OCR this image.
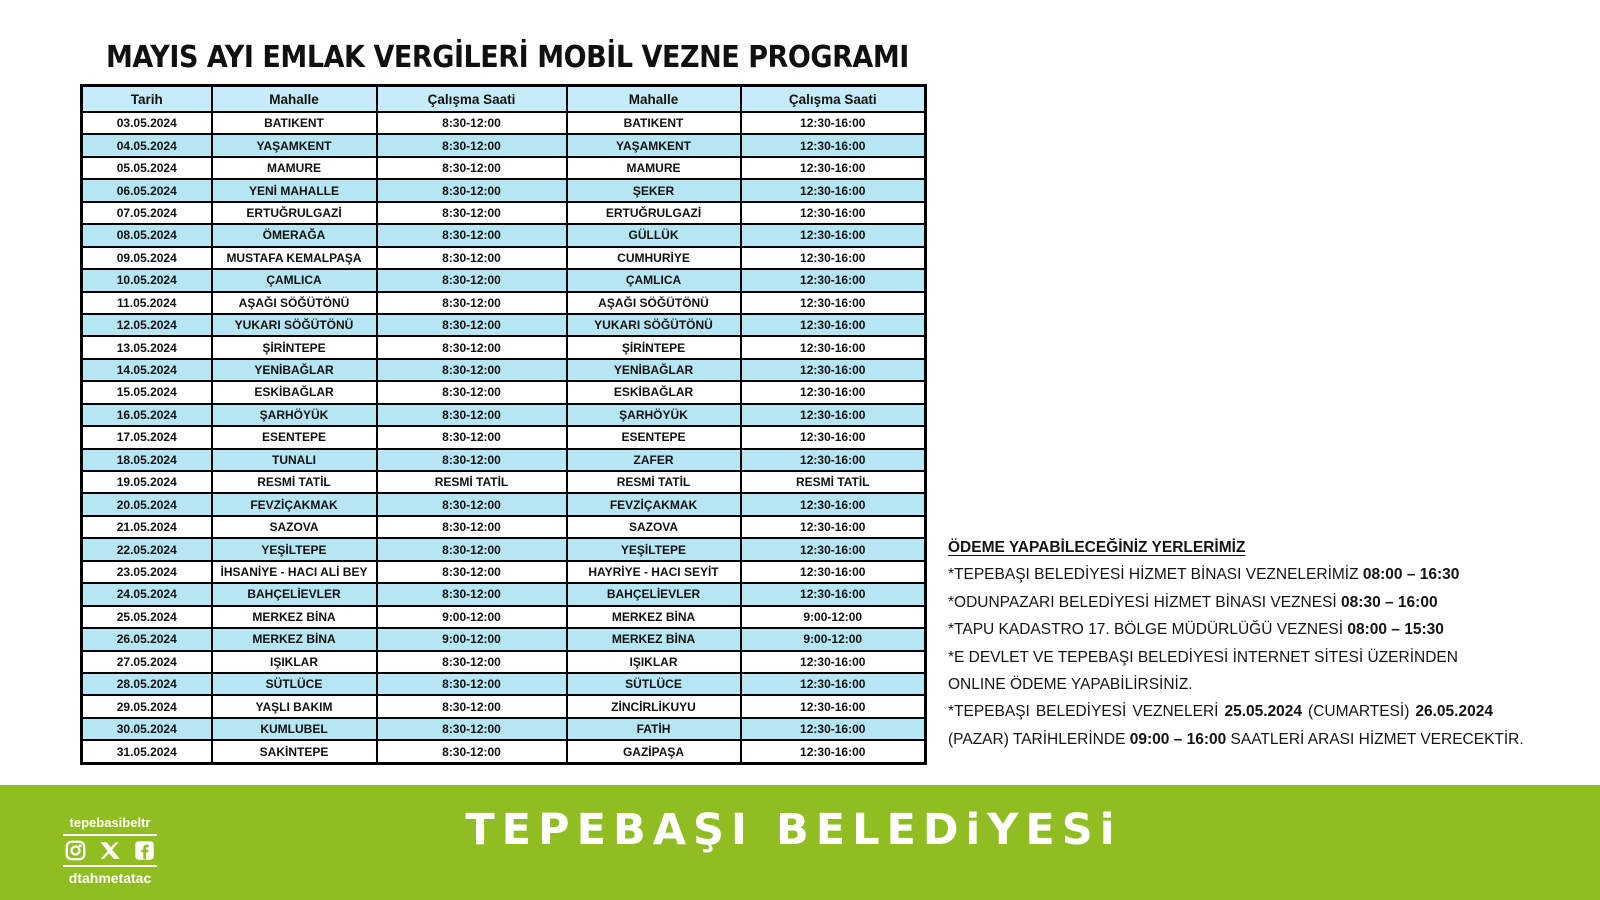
MAYIS AYI EMLAK VERGİLERİ MOBİL VEZNE PROGRAMI
Tarih	Mahalle	Çalışma Saati	Mahalle	Çalışma Saati
03.05.2024	BATIKENT	8:30-12:00	BATIKENT	12:30-16:00
04.05.2024	YAŞAMKENT	8:30-12:00	YAŞAMKENT	12:30-16:00
05.05.2024	MAMURE	8:30-12:00	MAMURE	12:30-16:00
06.05.2024	YENİ MAHALLE	8:30-12:00	ŞEKER	12:30-16:00
07.05.2024	ERTUĞRULGAZİ	8:30-12:00	ERTUĞRULGAZİ	12:30-16:00
08.05.2024	ÖMERAĞA	8:30-12:00	GÜLLÜK	12:30-16:00
09.05.2024	MUSTAFA KEMALPAŞA	8:30-12:00	CUMHURİYE	12:30-16:00
10.05.2024	ÇAMLICA	8:30-12:00	ÇAMLICA	12:30-16:00
11.05.2024	AŞAĞI SÖĞÜTÖNÜ	8:30-12:00	AŞAĞI SÖĞÜTÖNÜ	12:30-16:00
12.05.2024	YUKARI SÖĞÜTÖNÜ	8:30-12:00	YUKARI SÖĞÜTÖNÜ	12:30-16:00
13.05.2024	ŞİRİNTEPE	8:30-12:00	ŞİRİNTEPE	12:30-16:00
14.05.2024	YENİBAĞLAR	8:30-12:00	YENİBAĞLAR	12:30-16:00
15.05.2024	ESKİBAĞLAR	8:30-12:00	ESKİBAĞLAR	12:30-16:00
16.05.2024	ŞARHÖYÜK	8:30-12:00	ŞARHÖYÜK	12:30-16:00
17.05.2024	ESENTEPE	8:30-12:00	ESENTEPE	12:30-16:00
18.05.2024	TUNALI	8:30-12:00	ZAFER	12:30-16:00
19.05.2024	RESMİ TATİL	RESMİ TATİL	RESMİ TATİL	RESMİ TATİL
20.05.2024	FEVZİÇAKMAK	8:30-12:00	FEVZİÇAKMAK	12:30-16:00
21.05.2024	SAZOVA	8:30-12:00	SAZOVA	12:30-16:00
22.05.2024	YEŞİLTEPE	8:30-12:00	YEŞİLTEPE	12:30-16:00
23.05.2024	İHSANİYE - HACI ALİ BEY	8:30-12:00	HAYRİYE - HACI SEYİT	12:30-16:00
24.05.2024	BAHÇELİEVLER	8:30-12:00	BAHÇELİEVLER	12:30-16:00
25.05.2024	MERKEZ BİNA	9:00-12:00	MERKEZ BİNA	9:00-12:00
26.05.2024	MERKEZ BİNA	9:00-12:00	MERKEZ BİNA	9:00-12:00
27.05.2024	IŞIKLAR	8:30-12:00	IŞIKLAR	12:30-16:00
28.05.2024	SÜTLÜCE	8:30-12:00	SÜTLÜCE	12:30-16:00
29.05.2024	YAŞLI BAKIM	8:30-12:00	ZİNCİRLİKUYU	12:30-16:00
30.05.2024	KUMLUBEL	8:30-12:00	FATİH	12:30-16:00
31.05.2024	SAKİNTEPE	8:30-12:00	GAZİPAŞA	12:30-16:00
ÖDEME YAPABİLECEĞİNİZ YERLERİMİZ
*TEPEBAŞI BELEDİYESİ HİZMET BİNASI VEZNELERİMİZ 08:00 – 16:30
*ODUNPAZARI BELEDİYESİ HİZMET BİNASI VEZNESİ 08:30 – 16:00
*TAPU KADASTRO 17. BÖLGE MÜDÜRLÜĞÜ VEZNESİ 08:00 – 15:30
*E DEVLET VE TEPEBAŞI BELEDİYESİ İNTERNET SİTESİ ÜZERİNDEN
ONLINE ÖDEME YAPABİLİRSİNİZ.
*TEPEBAŞI BELEDİYESİ VEZNELERİ 25.05.2024 (CUMARTESİ) 26.05.2024
(PAZAR) TARİHLERİNDE 09:00 – 16:00 SAATLERİ ARASI HİZMET VERECEKTİR.
tepebasibeltr
dtahmetatac
TEPEBAŞI BELEDiYESi
